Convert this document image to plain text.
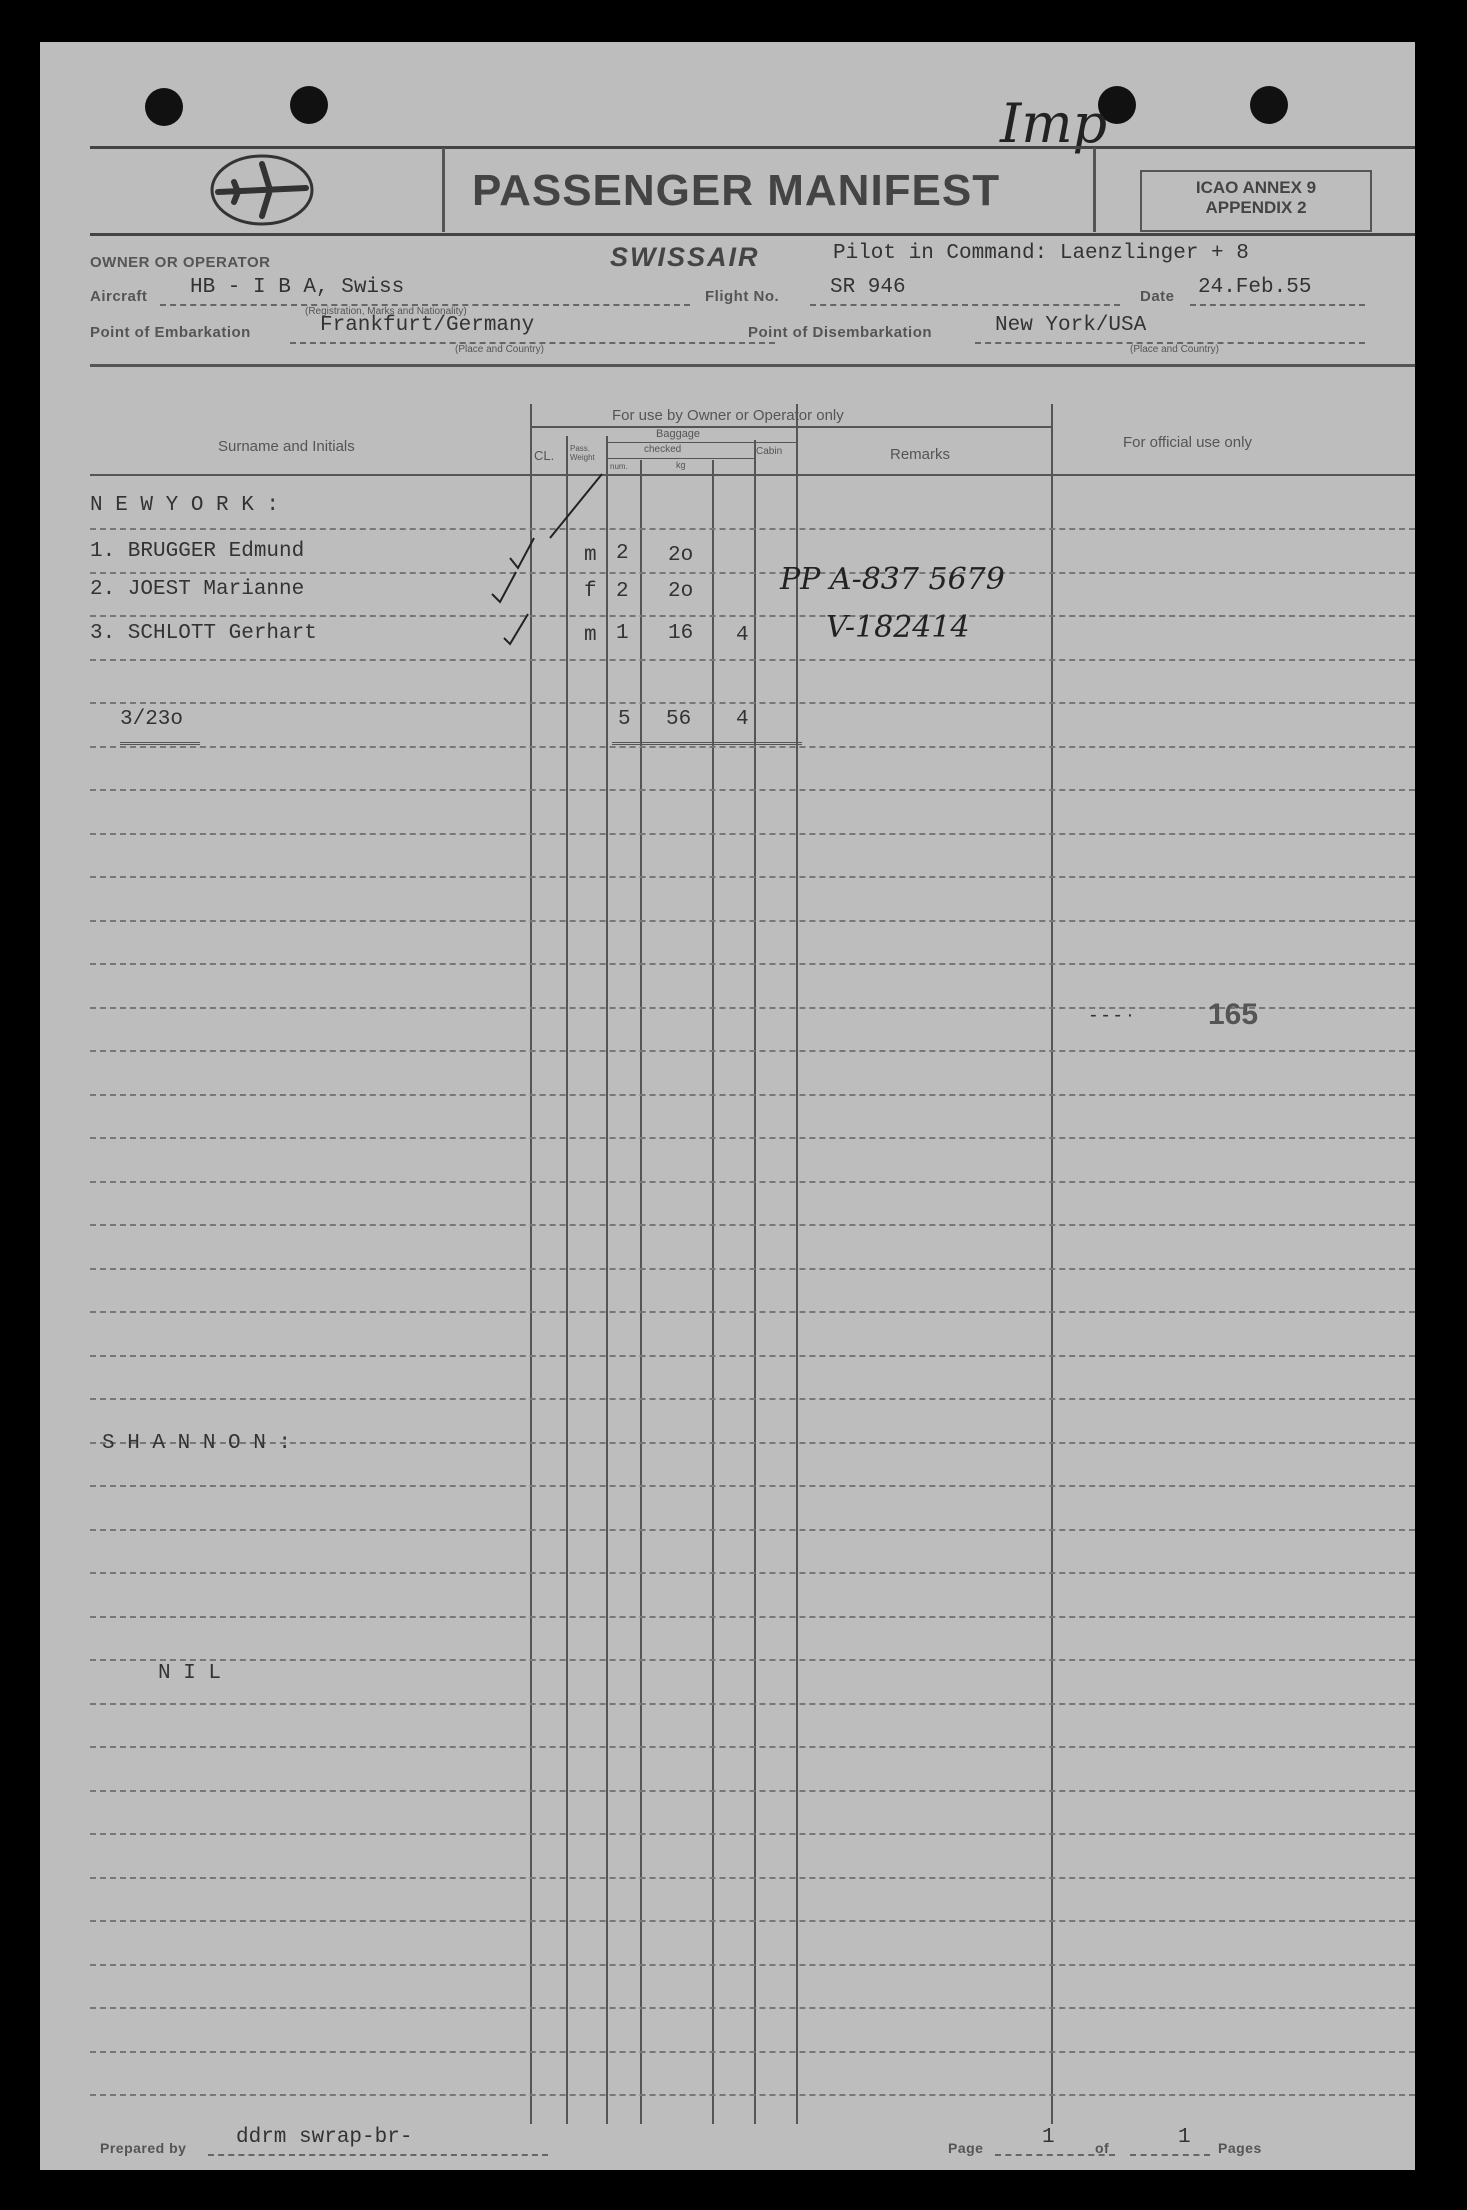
Imp
PASSENGER MANIFEST	ICAO ANNEX 9
APPENDIX 2
OWNER OR OPERATOR	SWISSAIR	Pilot in Command: Laenzlinger + 8
Aircraft HB - I B A, Swiss
(Registration, Marks and Nationality)
Flight No. SR 946	Date 24.Feb.55
Point of Embarkation	Frankfurt/Germany
(Place and Country)
Point of Disembarkation	New York/USA
(Place and Country)
Surname and Initials
For use by Owner or Operator only
CL. Pass. Weight
Baggage
checked	Cabin
num.	kg
Remarks
For official use only
N E W Y O R K :
1. BRUGGER Edmund	m 2 2o
2. JOEST Marianne	f 2 2o	PP A-837 5679
3. SCHLOTT Gerhart	m 1 16 4	V-182414
3/23o	5 56 4
165
- - - ·
S H A N N O N :
N I L
Prepared by ddrm swrap-br-	Page	1	of	1 Pages
